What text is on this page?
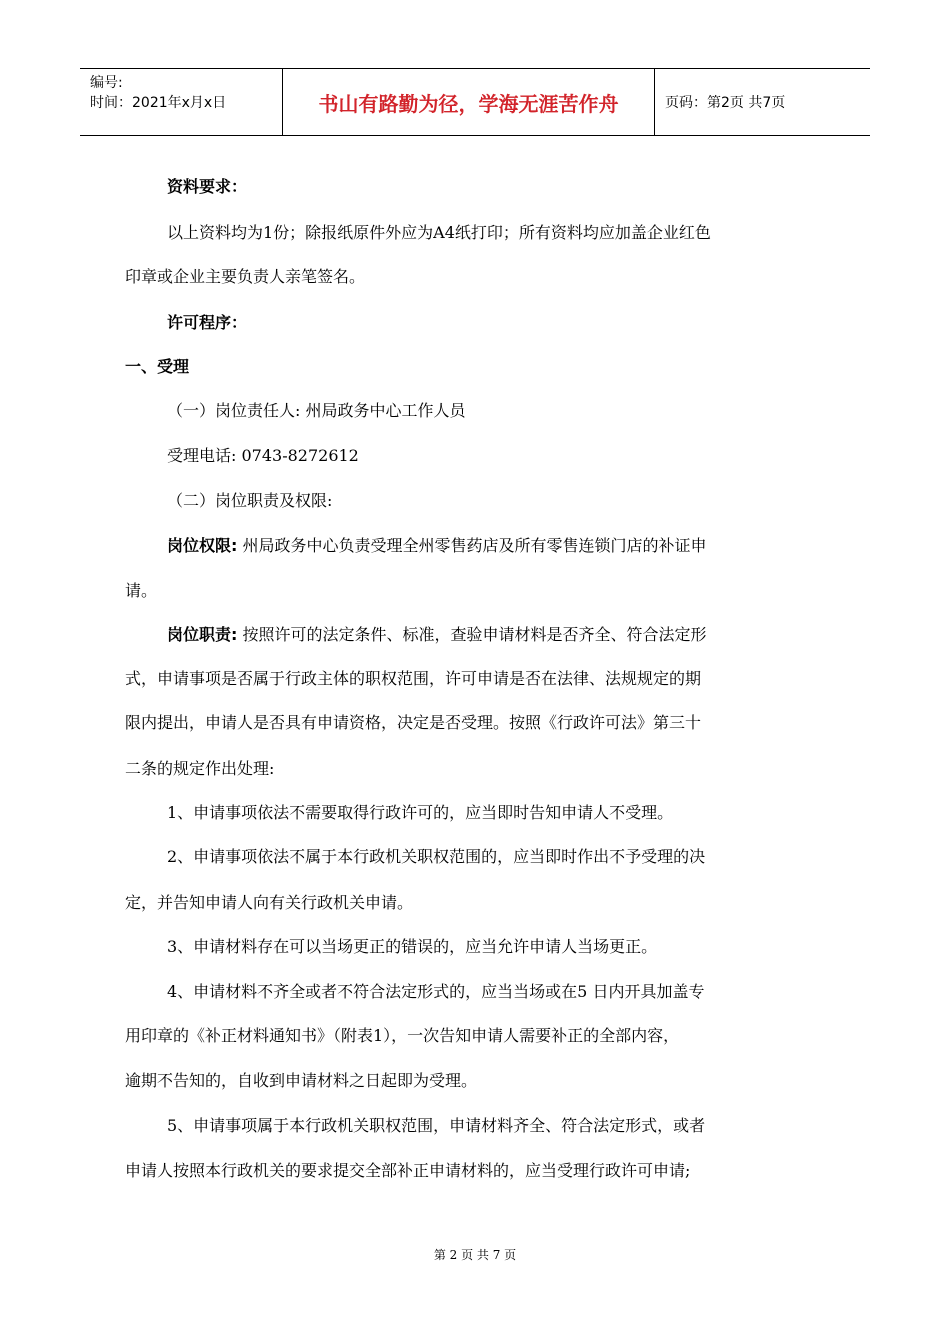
编号:
时间：2021年x月x日	书山有路勤为径，学海无涯苦作舟	页码：第2页 共7页
资料要求：
以上资料均为1份；除报纸原件外应为A4纸打印；所有资料均应加盖企业红色
印章或企业主要负责人亲笔签名。
许可程序：
一、受理
（一）岗位责任人: 州局政务中心工作人员
受理电话: 0743-8272612
（二）岗位职责及权限:
岗位权限: 州局政务中心负责受理全州零售药店及所有零售连锁门店的补证申
请。
岗位职责: 按照许可的法定条件、标准，查验申请材料是否齐全、符合法定形
式，申请事项是否属于行政主体的职权范围，许可申请是否在法律、法规规定的期
限内提出，申请人是否具有申请资格，决定是否受理。按照《行政许可法》第三十
二条的规定作出处理:
1、申请事项依法不需要取得行政许可的，应当即时告知申请人不受理。
2、申请事项依法不属于本行政机关职权范围的，应当即时作出不予受理的决
定，并告知申请人向有关行政机关申请。
3、申请材料存在可以当场更正的错误的，应当允许申请人当场更正。
4、申请材料不齐全或者不符合法定形式的，应当当场或在5 日内开具加盖专
用印章的《补正材料通知书》（附表1），一次告知申请人需要补正的全部内容，
逾期不告知的，自收到申请材料之日起即为受理。
5、申请事项属于本行政机关职权范围，申请材料齐全、符合法定形式，或者
申请人按照本行政机关的要求提交全部补正申请材料的，应当受理行政许可申请;
第 2 页 共 7 页
